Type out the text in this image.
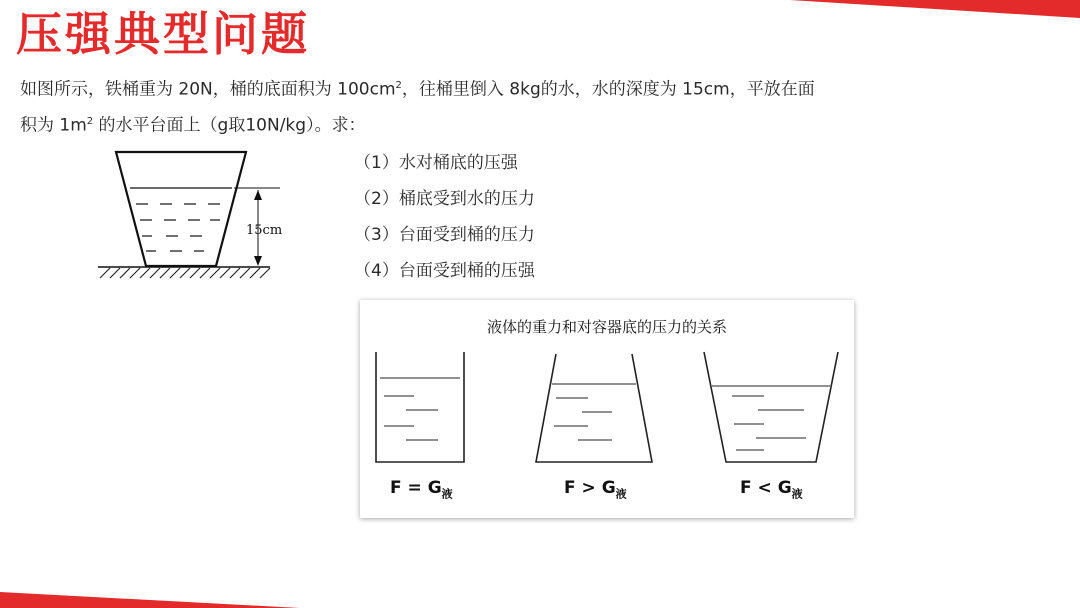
压强典型问题
如图所示，铁桶重为 20N，桶的底面积为 $100cm^2$，往桶里倒入 8kg的水，水的深度为 15cm，平放在面
积为 $1m^2$ 的水平台面上（g取10N/kg）。求：
15cm
（1）水对桶底的压强
（2）桶底受到水的压力
（3）台面受到桶的压力
（4）台面受到桶的压强
液体的重力和对容器底的压力的关系
$F = G_液$	$F > G_液$	$F < G_液$
